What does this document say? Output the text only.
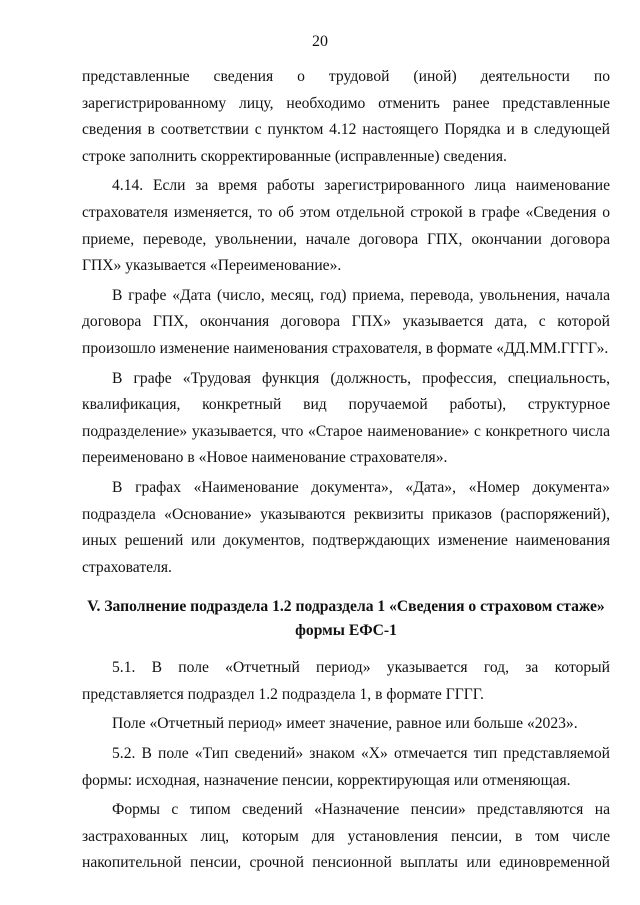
20

представленные сведения о трудовой (иной) деятельности по зарегистрированному лицу, необходимо отменить ранее представленные сведения в соответствии с пунктом 4.12 настоящего Порядка и в следующей строке заполнить скорректированные (исправленные) сведения.

4.14. Если за время работы зарегистрированного лица наименование страхователя изменяется, то об этом отдельной строкой в графе «Сведения о приеме, переводе, увольнении, начале договора ГПХ, окончании договора ГПХ» указывается «Переименование».

В графе «Дата (число, месяц, год) приема, перевода, увольнения, начала договора ГПХ, окончания договора ГПХ» указывается дата, с которой произошло изменение наименования страхователя, в формате «ДД.ММ.ГГГГ».

В графе «Трудовая функция (должность, профессия, специальность, квалификация, конкретный вид поручаемой работы), структурное подразделение» указывается, что «Старое наименование» с конкретного числа переименовано в «Новое наименование страхователя».

В графах «Наименование документа», «Дата», «Номер документа» подраздела «Основание» указываются реквизиты приказов (распоряжений), иных решений или документов, подтверждающих изменение наименования страхователя.

V. Заполнение подраздела 1.2 подраздела 1 «Сведения о страховом стаже»
формы ЕФС-1

5.1. В поле «Отчетный период» указывается год, за который представляется подраздел 1.2 подраздела 1, в формате ГГГГ.

Поле «Отчетный период» имеет значение, равное или больше «2023».

5.2. В поле «Тип сведений» знаком «Х» отмечается тип представляемой формы: исходная, назначение пенсии, корректирующая или отменяющая.

Формы с типом сведений «Назначение пенсии» представляются на застрахованных лиц, которым для установления пенсии, в том числе накопительной пенсии, срочной пенсионной выплаты или единовременной
